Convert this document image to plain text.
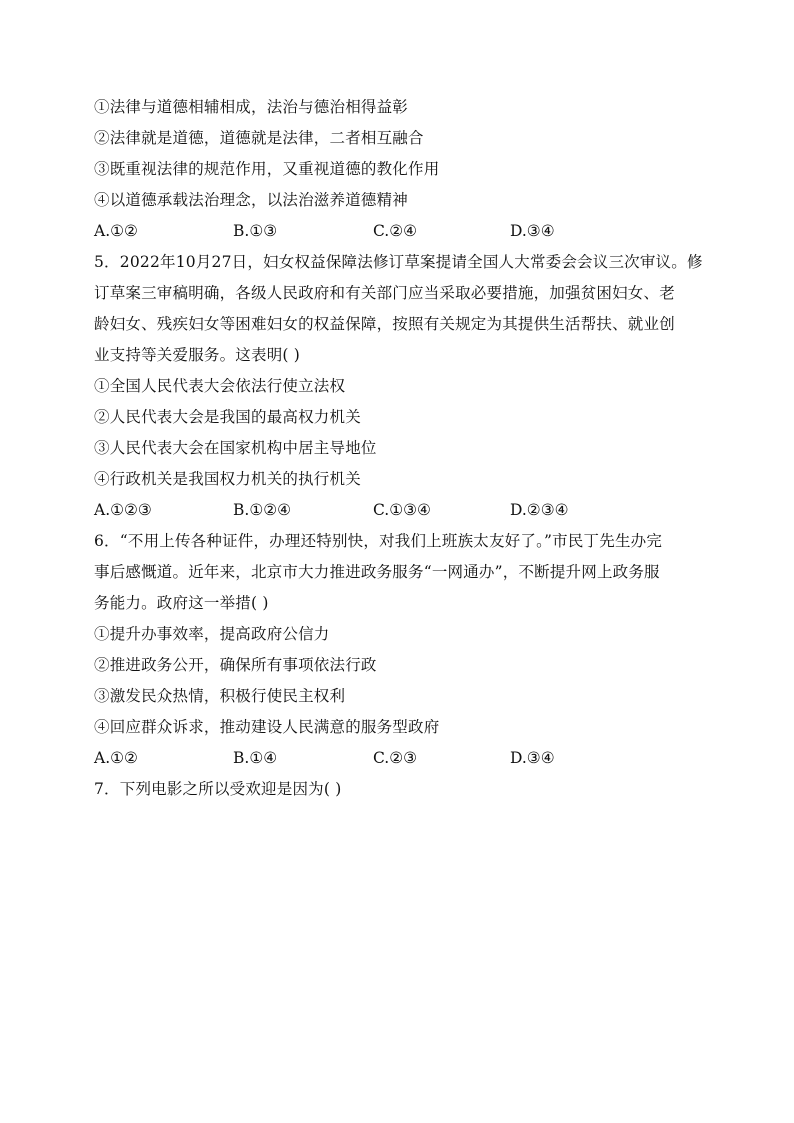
①法律与道德相辅相成，法治与德治相得益彰
②法律就是道德，道德就是法律，二者相互融合
③既重视法律的规范作用，又重视道德的教化作用
④以道德承载法治理念，以法治滋养道德精神
A.①②	B.①③	C.②④	D.③④
5．2022年10月27日，妇女权益保障法修订草案提请全国人大常委会会议三次审议。修
订草案三审稿明确，各级人民政府和有关部门应当采取必要措施，加强贫困妇女、老
龄妇女、残疾妇女等困难妇女的权益保障，按照有关规定为其提供生活帮扶、就业创
业支持等关爱服务。这表明( )
①全国人民代表大会依法行使立法权
②人民代表大会是我国的最高权力机关
③人民代表大会在国家机构中居主导地位
④行政机关是我国权力机关的执行机关
A.①②③	B.①②④	C.①③④	D.②③④
6．“不用上传各种证件，办理还特别快，对我们上班族太友好了。”市民丁先生办完
事后感慨道。近年来，北京市大力推进政务服务“一网通办”，不断提升网上政务服
务能力。政府这一举措( )
①提升办事效率，提高政府公信力
②推进政务公开，确保所有事项依法行政
③激发民众热情，积极行使民主权利
④回应群众诉求，推动建设人民满意的服务型政府
A.①②	B.①④	C.②③	D.③④
7．下列电影之所以受欢迎是因为( )
